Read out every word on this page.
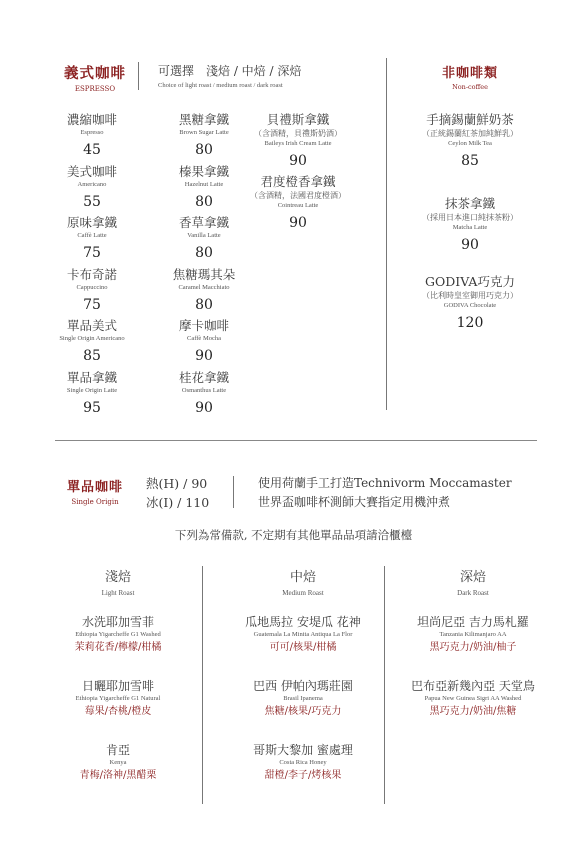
義式咖啡
ESPRESSO
可選擇　淺焙 / 中焙 / 深焙
Choice of light roast / medium roast / dark roast
濃縮咖啡
Espresso
45
美式咖啡
Americano
55
原味拿鐵
Caffè Latte
75
卡布奇諾
Cappuccino
75
單品美式
Single Origin Americano
85
單品拿鐵
Single Origin Latte
95
黑糖拿鐵
Brown Sugar Latte
80
榛果拿鐵
Hazelnut Latte
80
香草拿鐵
Vanilla Latte
80
焦糖瑪其朵
Caramel Macchiato
80
摩卡咖啡
Caffè Mocha
90
桂花拿鐵
Osmanthus Latte
90
貝禮斯拿鐵
（含酒精，貝禮斯奶酒）
Baileys Irish Cream Latte
90
君度橙香拿鐵
（含酒精，法國君度橙酒）
Cointreau Latte
90
非咖啡類
Non-coffee
手摘錫蘭鮮奶茶
（正統錫蘭紅茶加純鮮乳）
Ceylon Milk Tea
85
抹茶拿鐵
（採用日本進口純抹茶粉）
Matcha Latte
90
GODIVA巧克力
（比利時皇室御用巧克力）
GODIVA Chocolate
120
單品咖啡
Single Origin
熱(H) / 90
冰(I) / 110
使用荷蘭手工打造Technivorm Moccamaster
世界盃咖啡杯測師大賽指定用機沖煮
下列為常備款, 不定期有其他單品品項請洽櫃檯
淺焙
Light Roast
水洗耶加雪菲
Ethiopia Yigarcheffe G1 Washed
茉莉花香/檸檬/柑橘
日曬耶加雪啡
Ethiopia Yigarcheffe G1 Natural
莓果/杏桃/橙皮
肯亞
Kenya
青梅/洛神/黑醋栗
中焙
Medium Roast
瓜地馬拉 安堤瓜 花神
Guatemala La Minita Antiqua La Flor
可可/核果/柑橘
巴西 伊帕內瑪莊園
Brasil Ipanema
焦糖/核果/巧克力
哥斯大黎加 蜜處理
Costa Rica Honey
甜橙/李子/烤核果
深焙
Dark Roast
坦尚尼亞 吉力馬札羅
Tanzania Kilimanjaro AA
黑巧克力/奶油/柚子
巴布亞新幾內亞 天堂鳥
Papua New Guinea Sigri AA Washed
黑巧克力/奶油/焦糖
